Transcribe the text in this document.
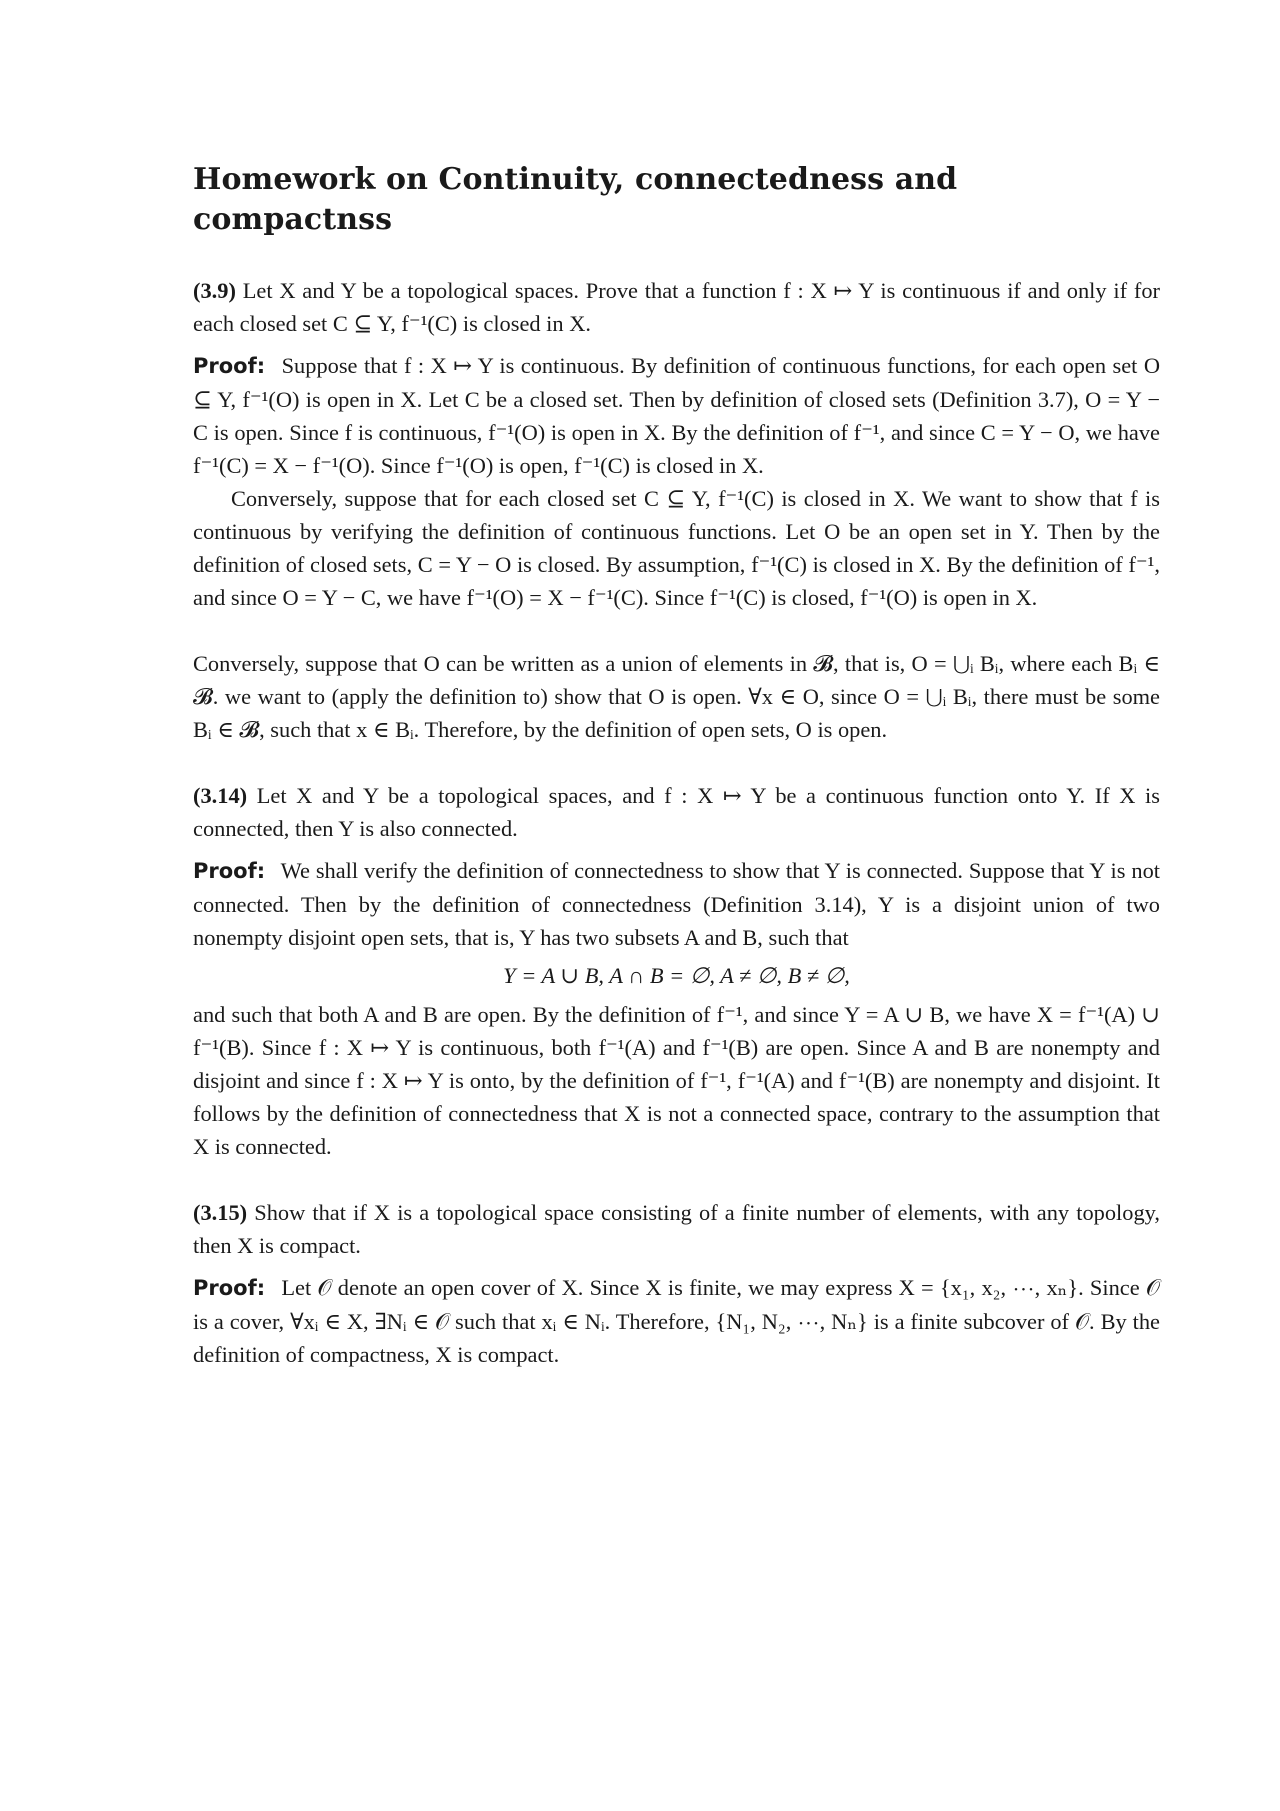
Homework on Continuity, connectedness and compactnss

(3.9) Let X and Y be a topological spaces. Prove that a function f : X ↦ Y is continuous if and only if for each closed set C ⊆ Y, f⁻¹(C) is closed in X.

Proof: Suppose that f : X ↦ Y is continuous. By definition of continuous functions, for each open set O ⊆ Y, f⁻¹(O) is open in X. Let C be a closed set. Then by definition of closed sets (Definition 3.7), O = Y − C is open. Since f is continuous, f⁻¹(O) is open in X. By the definition of f⁻¹, and since C = Y − O, we have f⁻¹(C) = X − f⁻¹(O). Since f⁻¹(O) is open, f⁻¹(C) is closed in X.

Conversely, suppose that for each closed set C ⊆ Y, f⁻¹(C) is closed in X. We want to show that f is continuous by verifying the definition of continuous functions. Let O be an open set in Y. Then by the definition of closed sets, C = Y − O is closed. By assumption, f⁻¹(C) is closed in X. By the definition of f⁻¹, and since O = Y − C, we have f⁻¹(O) = X − f⁻¹(C). Since f⁻¹(C) is closed, f⁻¹(O) is open in X.

Conversely, suppose that O can be written as a union of elements in 𝓑, that is, O = ⋃ᵢ Bᵢ, where each Bᵢ ∈ 𝓑. we want to (apply the definition to) show that O is open. ∀x ∈ O, since O = ⋃ᵢ Bᵢ, there must be some Bᵢ ∈ 𝓑, such that x ∈ Bᵢ. Therefore, by the definition of open sets, O is open.

(3.14) Let X and Y be a topological spaces, and f : X ↦ Y be a continuous function onto Y. If X is connected, then Y is also connected.

Proof: We shall verify the definition of connectedness to show that Y is connected. Suppose that Y is not connected. Then by the definition of connectedness (Definition 3.14), Y is a disjoint union of two nonempty disjoint open sets, that is, Y has two subsets A and B, such that

Y = A ∪ B, A ∩ B = ∅, A ≠ ∅, B ≠ ∅,

and such that both A and B are open. By the definition of f⁻¹, and since Y = A ∪ B, we have X = f⁻¹(A) ∪ f⁻¹(B). Since f : X ↦ Y is continuous, both f⁻¹(A) and f⁻¹(B) are open. Since A and B are nonempty and disjoint and since f : X ↦ Y is onto, by the definition of f⁻¹, f⁻¹(A) and f⁻¹(B) are nonempty and disjoint. It follows by the definition of connectedness that X is not a connected space, contrary to the assumption that X is connected.

(3.15) Show that if X is a topological space consisting of a finite number of elements, with any topology, then X is compact.

Proof: Let 𝒪 denote an open cover of X. Since X is finite, we may express X = {x₁, x₂, ⋯, xₙ}. Since 𝒪 is a cover, ∀xᵢ ∈ X, ∃Nᵢ ∈ 𝒪 such that xᵢ ∈ Nᵢ. Therefore, {N₁, N₂, ⋯, Nₙ} is a finite subcover of 𝒪. By the definition of compactness, X is compact.
